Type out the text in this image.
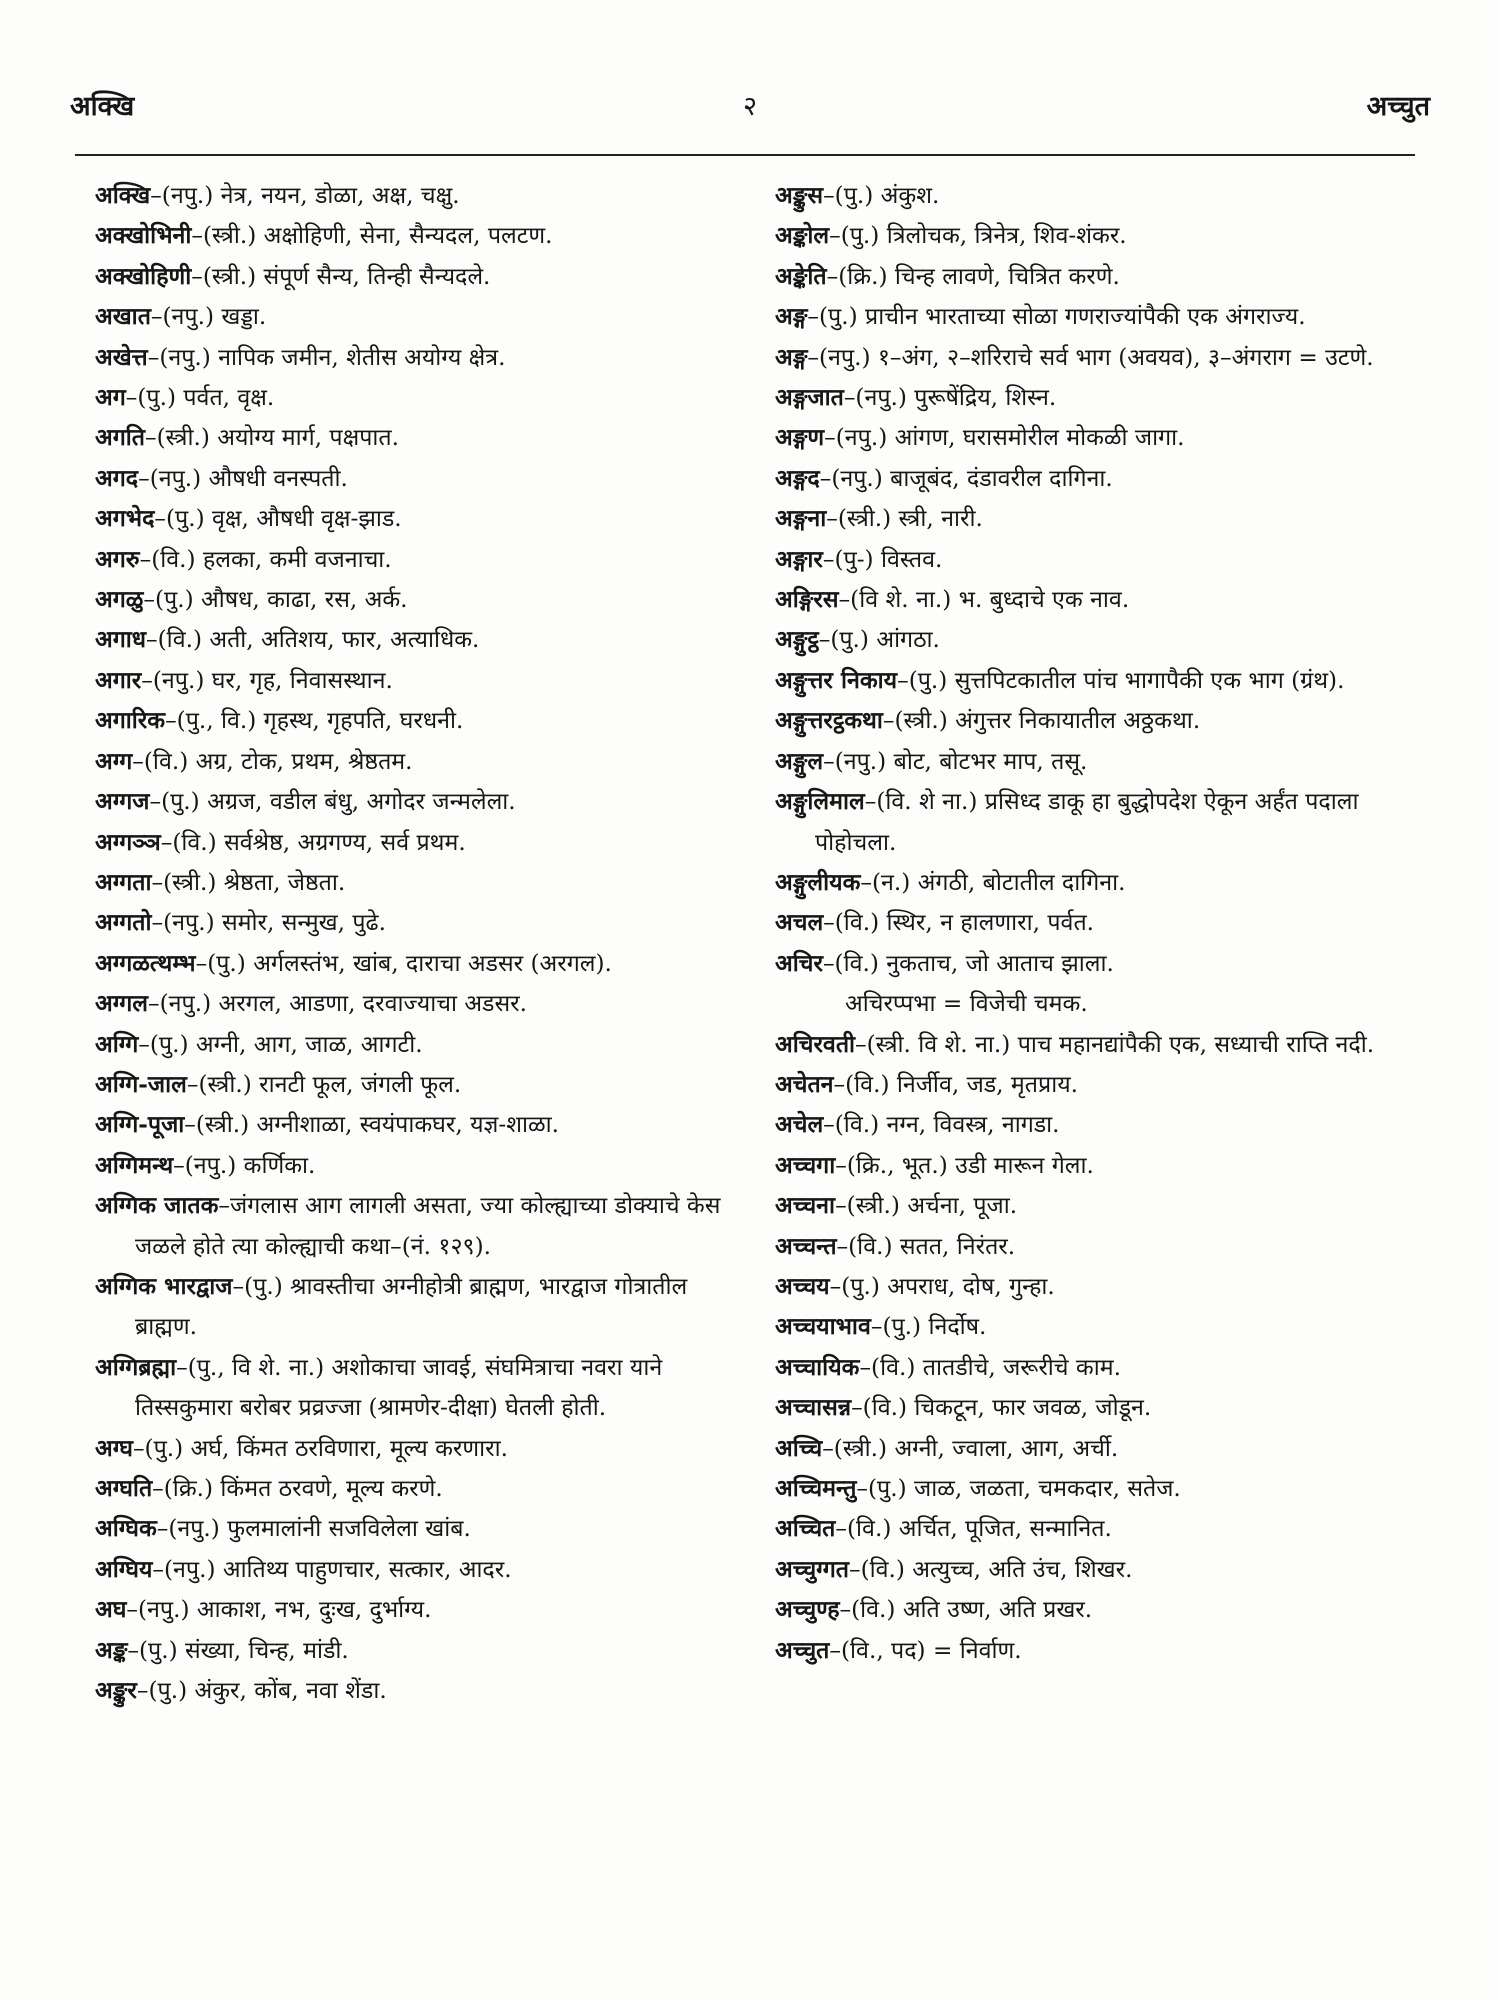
अक्खि	२	अच्चुत

अक्खि–(नपु.) नेत्र, नयन, डोळा, अक्ष, चक्षु.

अक्खोभिनी–(स्त्री.) अक्षोहिणी, सेना, सैन्यदल, पलटण.

अक्खोहिणी–(स्त्री.) संपूर्ण सैन्य, तिन्ही सैन्यदले.

अखात–(नपु.) खड्डा.

अखेत्त–(नपु.) नापिक जमीन, शेतीस अयोग्य क्षेत्र.

अग–(पु.) पर्वत, वृक्ष.

अगति–(स्त्री.) अयोग्य मार्ग, पक्षपात.

अगद–(नपु.) औषधी वनस्पती.

अगभेद–(पु.) वृक्ष, औषधी वृक्ष-झाड.

अगरु–(वि.) हलका, कमी वजनाचा.

अगळु–(पु.) औषध, काढा, रस, अर्क.

अगाध–(वि.) अती, अतिशय, फार, अत्याधिक.

अगार–(नपु.) घर, गृह, निवासस्थान.

अगारिक–(पु., वि.) गृहस्थ, गृहपति, घरधनी.

अग्ग–(वि.) अग्र, टोक, प्रथम, श्रेष्ठतम.

अग्गज–(पु.) अग्रज, वडील बंधु, अगोदर जन्मलेला.

अग्गञ्ञ–(वि.) सर्वश्रेष्ठ, अग्रगण्य, सर्व प्रथम.

अग्गता–(स्त्री.) श्रेष्ठता, जेष्ठता.

अग्गतो–(नपु.) समोर, सन्मुख, पुढे.

अग्गळत्थम्भ–(पु.) अर्गलस्तंभ, खांब, दाराचा अडसर (अरगल).

अग्गल–(नपु.) अरगल, आडणा, दरवाज्याचा अडसर.

अग्गि–(पु.) अग्नी, आग, जाळ, आगटी.

अग्गि-जाल–(स्त्री.) रानटी फूल, जंगली फूल.

अग्गि-पूजा–(स्त्री.) अग्नीशाळा, स्वयंपाकघर, यज्ञ-शाळा.

अग्गिमन्थ–(नपु.) कर्णिका.

अग्गिक जातक–जंगलास आग लागली असता, ज्या कोल्ह्याच्या डोक्याचे केस जळले होते त्या कोल्ह्याची कथा–(नं. १२९).

अग्गिक भारद्वाज–(पु.) श्रावस्तीचा अग्नीहोत्री ब्राह्मण, भारद्वाज गोत्रातील ब्राह्मण.

अग्गिब्रह्मा–(पु., वि शे. ना.) अशोकाचा जावई, संघमित्राचा नवरा याने तिस्सकुमारा बरोबर प्रव्रज्जा (श्रामणेर-दीक्षा) घेतली होती.

अग्घ–(पु.) अर्घ, किंमत ठरविणारा, मूल्य करणारा.

अग्घति–(क्रि.) किंमत ठरवणे, मूल्य करणे.

अग्घिक–(नपु.) फुलमालांनी सजविलेला खांब.

अग्घिय–(नपु.) आतिथ्य पाहुणचार, सत्कार, आदर.

अघ–(नपु.) आकाश, नभ, दुःख, दुर्भाग्य.

अङ्क–(पु.) संख्या, चिन्ह, मांडी.

अङ्कुर–(पु.) अंकुर, कोंब, नवा शेंडा.

अङ्कुस–(पु.) अंकुश.

अङ्कोल–(पु.) त्रिलोचक, त्रिनेत्र, शिव-शंकर.

अङ्केति–(क्रि.) चिन्ह लावणे, चित्रित करणे.

अङ्ग–(पु.) प्राचीन भारताच्या सोळा गणराज्यांपैकी एक अंगराज्य.

अङ्ग–(नपु.) १–अंग, २–शरिराचे सर्व भाग (अवयव), ३–अंगराग = उटणे.

अङ्गजात–(नपु.) पुरूषेंद्रिय, शिस्न.

अङ्गण–(नपु.) आंगण, घरासमोरील मोकळी जागा.

अङ्गद–(नपु.) बाजूबंद, दंडावरील दागिना.

अङ्गना–(स्त्री.) स्त्री, नारी.

अङ्गार–(पु-) विस्तव.

अङ्गिरस–(वि शे. ना.) भ. बुध्दाचे एक नाव.

अङ्गुट्ठ–(पु.) आंगठा.

अङ्गुत्तर निकाय–(पु.) सुत्तपिटकातील पांच भागापैकी एक भाग (ग्रंथ).

अङ्गुत्तरट्ठकथा–(स्त्री.) अंगुत्तर निकायातील अठ्ठकथा.

अङ्गुल–(नपु.) बोट, बोटभर माप, तसू.

अङ्गुलिमाल–(वि. शे ना.) प्रसिध्द डाकू हा बुद्धोपदेश ऐकून अर्हंत पदाला पोहोचला.

अङ्गुलीयक–(न.) अंगठी, बोटातील दागिना.

अचल–(वि.) स्थिर, न हालणारा, पर्वत.

अचिर–(वि.) नुकताच, जो आताच झाला.

अचिरप्पभा = विजेची चमक.

अचिरवती–(स्त्री. वि शे. ना.) पाच महानद्यांपैकी एक, सध्याची राप्ति नदी.

अचेतन–(वि.) निर्जीव, जड, मृतप्राय.

अचेल–(वि.) नग्न, विवस्त्र, नागडा.

अच्चगा–(क्रि., भूत.) उडी मारून गेला.

अच्चना–(स्त्री.) अर्चना, पूजा.

अच्चन्त–(वि.) सतत, निरंतर.

अच्चय–(पु.) अपराध, दोष, गुन्हा.

अच्चयाभाव–(पु.) निर्दोष.

अच्चायिक–(वि.) तातडीचे, जरूरीचे काम.

अच्चासन्न–(वि.) चिकटून, फार जवळ, जोडून.

अच्चि–(स्त्री.) अग्नी, ज्वाला, आग, अर्ची.

अच्चिमन्तु–(पु.) जाळ, जळता, चमकदार, सतेज.

अच्चित–(वि.) अर्चित, पूजित, सन्मानित.

अच्चुग्गत–(वि.) अत्युच्च, अति उंच, शिखर.

अच्चुण्ह–(वि.) अति उष्ण, अति प्रखर.

अच्चुत–(वि., पद) = निर्वाण.
